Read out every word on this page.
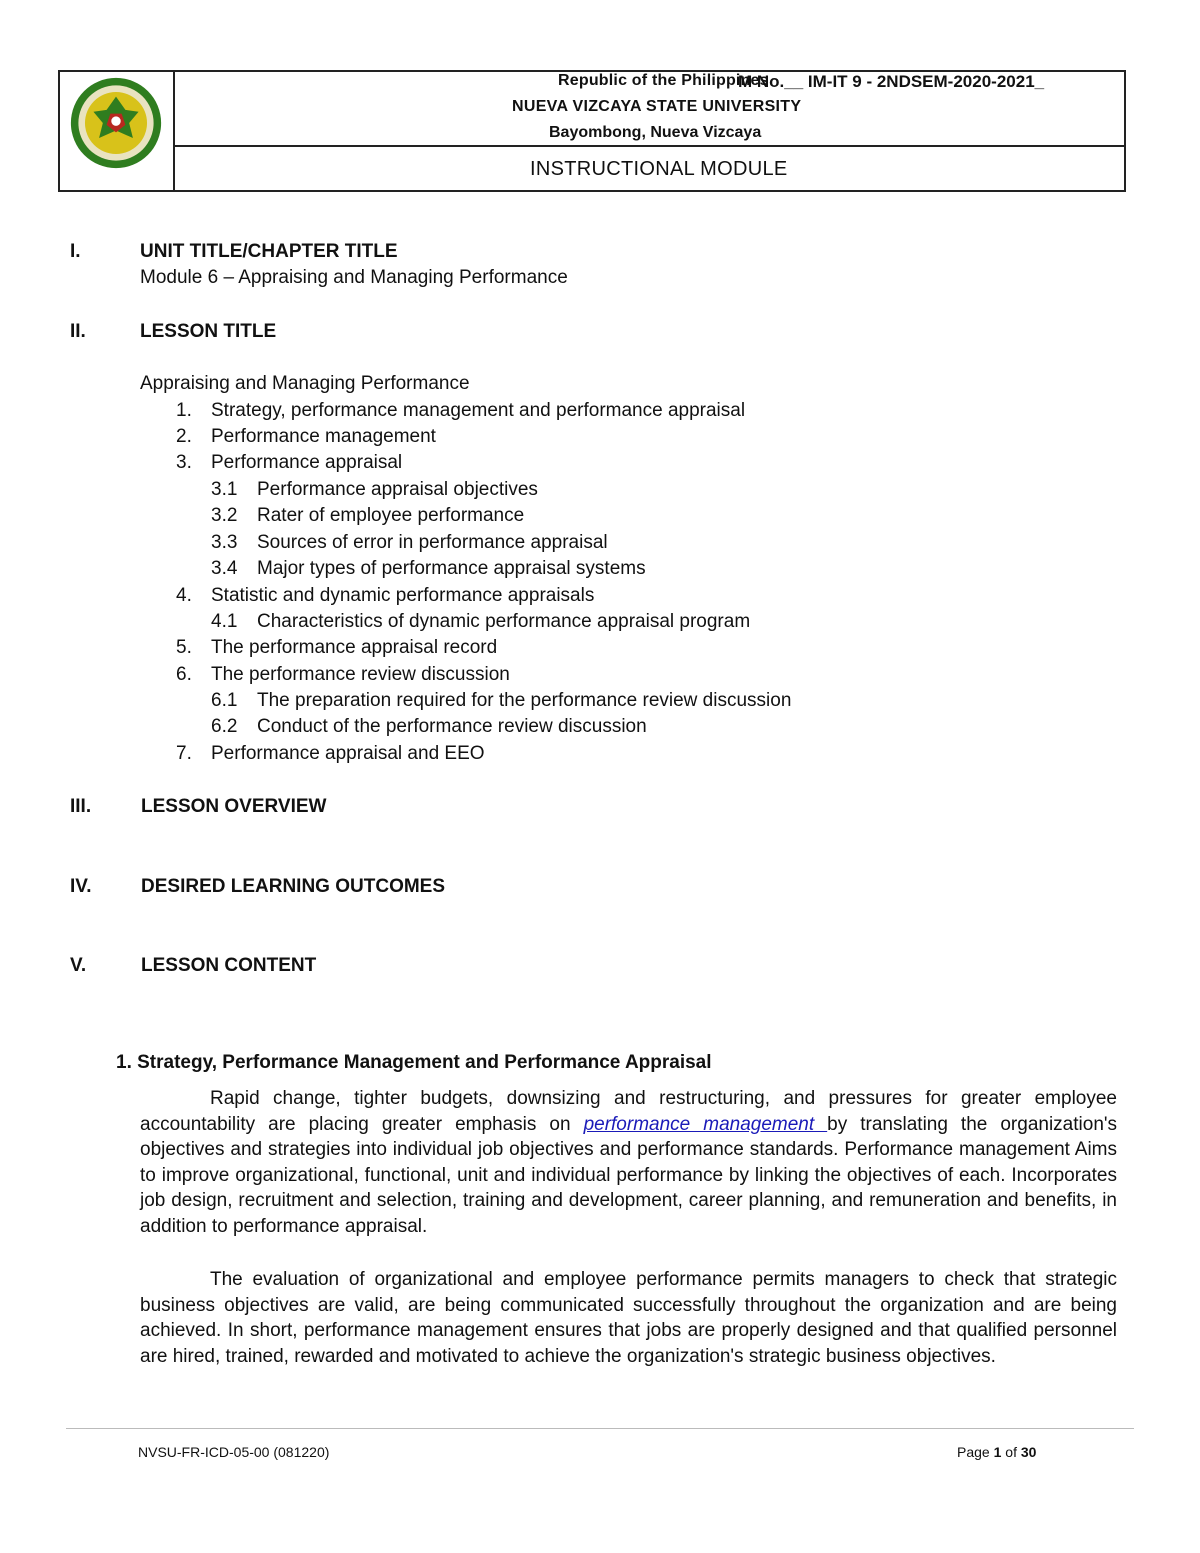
Republic of the Philippines
M No.__ IM-IT 9 - 2NDSEM-2020-2021_
NUEVA VIZCAYA STATE UNIVERSITY
Bayombong, Nueva Vizcaya
INSTRUCTIONAL MODULE
I.	UNIT TITLE/CHAPTER TITLE
Module 6 – Appraising and Managing Performance
II.	LESSON TITLE
Appraising and Managing Performance
1. Strategy, performance management and performance appraisal
2. Performance management
3. Performance appraisal
3.1 Performance appraisal objectives
3.2 Rater of employee performance
3.3 Sources of error in performance appraisal
3.4 Major types of performance appraisal systems
4. Statistic and dynamic performance appraisals
4.1 Characteristics of dynamic performance appraisal program
5. The performance appraisal record
6. The performance review discussion
6.1 The preparation required for the performance review discussion
6.2 Conduct of the performance review discussion
7. Performance appraisal and EEO
III.	LESSON OVERVIEW
IV.	DESIRED LEARNING OUTCOMES
V.	LESSON CONTENT
1. Strategy, Performance Management and Performance Appraisal
Rapid change, tighter budgets, downsizing and restructuring, and pressures for greater employee accountability are placing greater emphasis on performance management by translating the organization's objectives and strategies into individual job objectives and performance standards. Performance management Aims to improve organizational, functional, unit and individual performance by linking the objectives of each. Incorporates job design, recruitment and selection, training and development, career planning, and remuneration and benefits, in addition to performance appraisal.
The evaluation of organizational and employee performance permits managers to check that strategic business objectives are valid, are being communicated successfully throughout the organization and are being achieved. In short, performance management ensures that jobs are properly designed and that qualified personnel are hired, trained, rewarded and motivated to achieve the organization's strategic business objectives.
NVSU-FR-ICD-05-00 (081220)	Page 1 of 30
